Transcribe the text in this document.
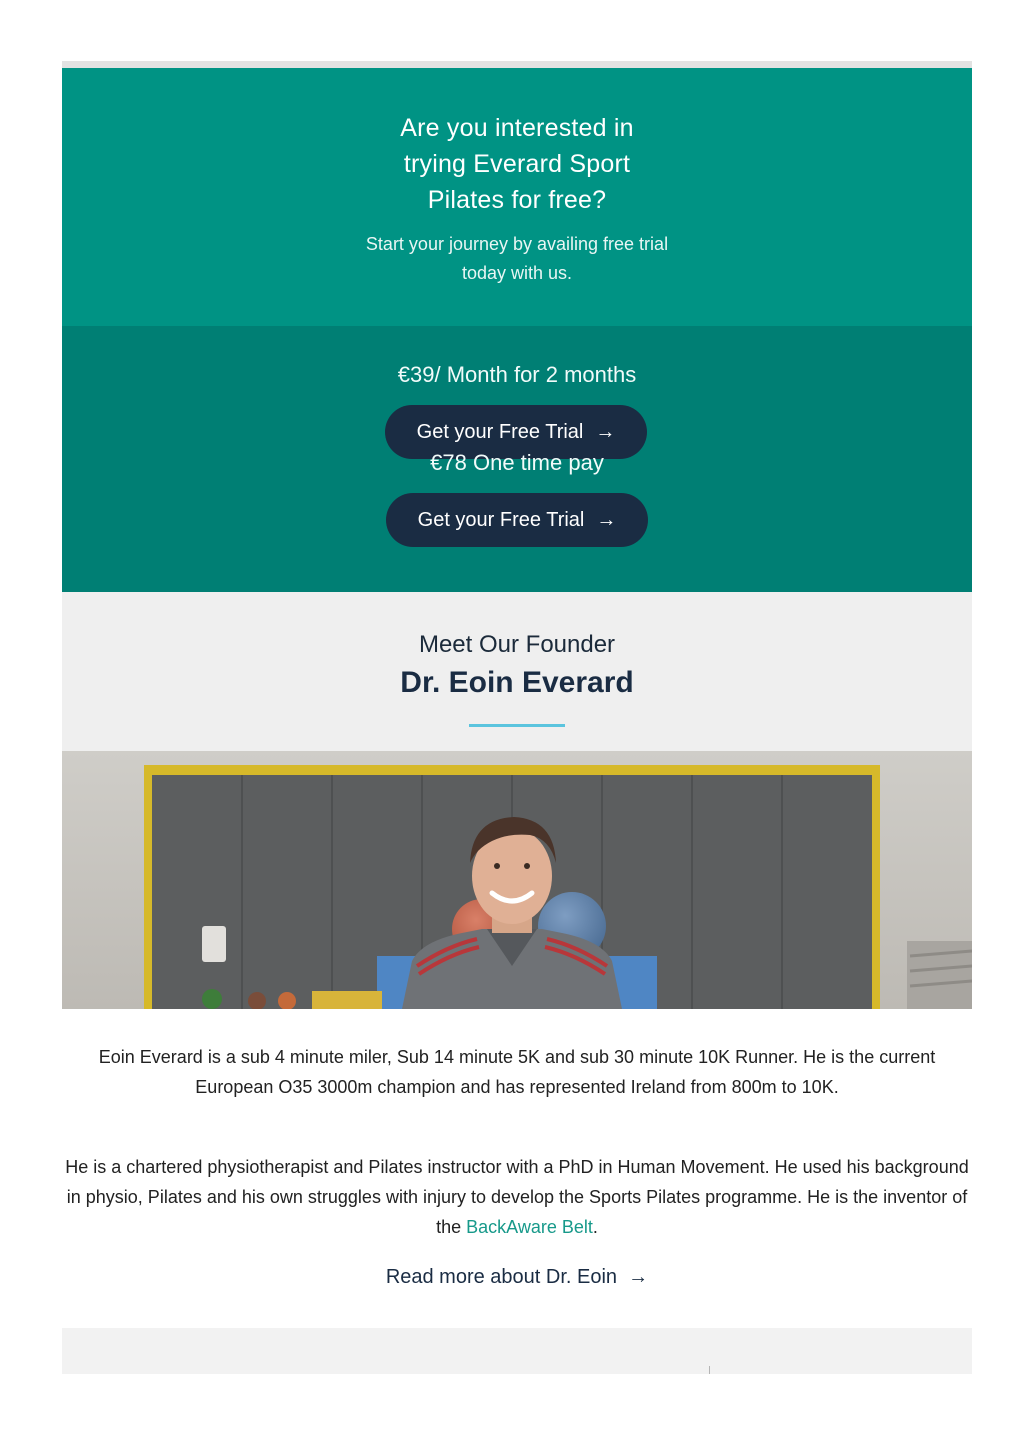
Are you interested in trying Everard Sport Pilates for free?

Start your journey by availing free trial today with us.

€39/ Month for 2 months
Get your Free Trial →
€78 One time pay
Get your Free Trial →
Meet Our Founder
Dr. Eoin Everard

Eoin Everard is a sub 4 minute miler, Sub 14 minute 5K and sub 30 minute 10K Runner. He is the current European O35 3000m champion and has represented Ireland from 800m to 10K.

He is a chartered physiotherapist and Pilates instructor with a PhD in Human Movement. He used his background in physio, Pilates and his own struggles with injury to develop the Sports Pilates programme. He is the inventor of the BackAware Belt.

Read more about Dr. Eoin  →
